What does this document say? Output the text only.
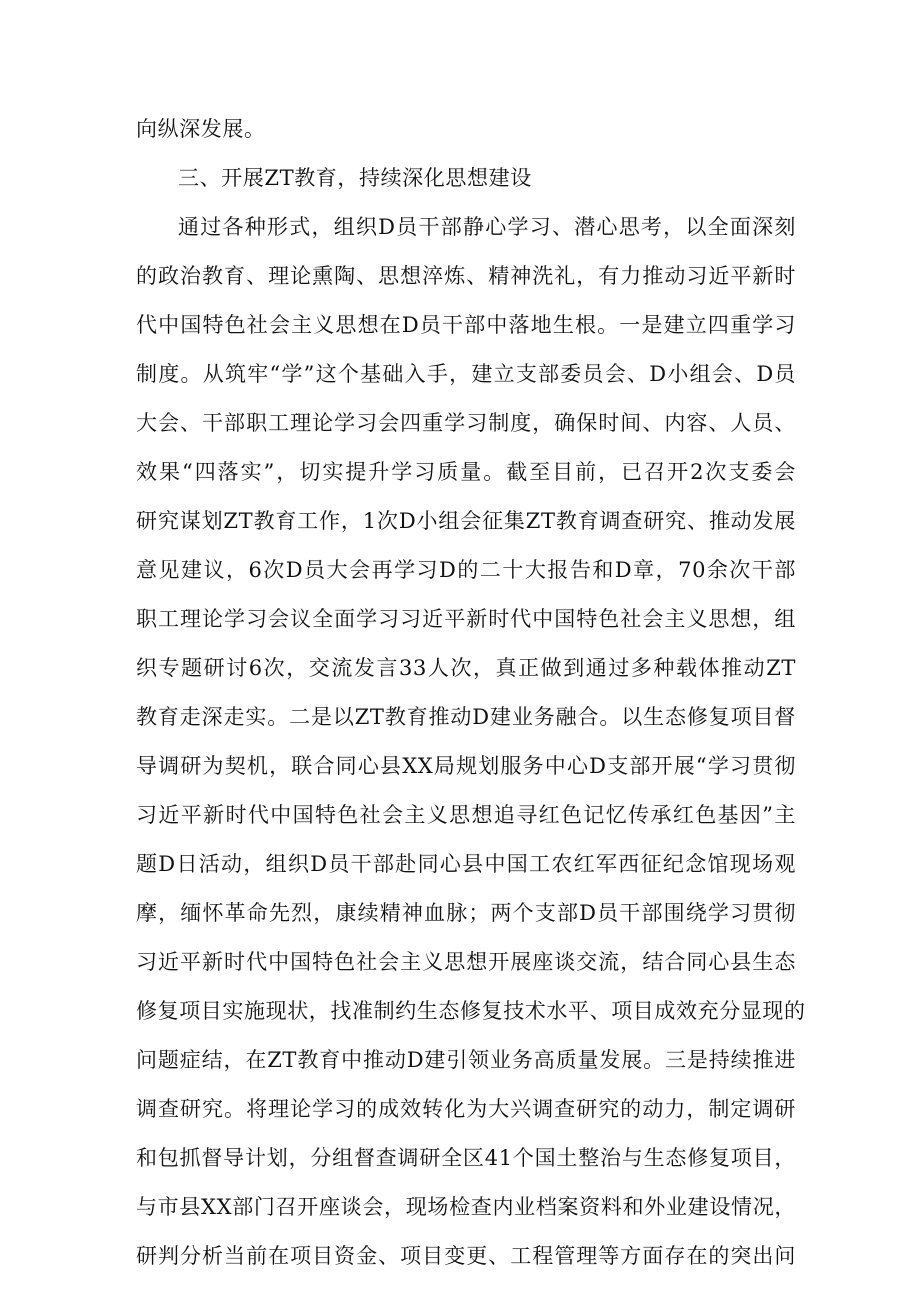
向纵深发展。
三、开展ZT教育，持续深化思想建设
通过各种形式，组织D员干部静心学习、潜心思考，以全面深刻
的政治教育、理论熏陶、思想淬炼、精神洗礼，有力推动习近平新时
代中国特色社会主义思想在D员干部中落地生根。一是建立四重学习
制度。从筑牢“学”这个基础入手，建立支部委员会、D小组会、D员
大会、干部职工理论学习会四重学习制度，确保时间、内容、人员、
效果“四落实”，切实提升学习质量。截至目前，已召开2次支委会
研究谋划ZT教育工作，1次D小组会征集ZT教育调查研究、推动发展
意见建议，6次D员大会再学习D的二十大报告和D章，70余次干部
职工理论学习会议全面学习习近平新时代中国特色社会主义思想，组
织专题研讨6次，交流发言33人次，真正做到通过多种载体推动ZT
教育走深走实。二是以ZT教育推动D建业务融合。以生态修复项目督
导调研为契机，联合同心县XX局规划服务中心D支部开展“学习贯彻
习近平新时代中国特色社会主义思想追寻红色记忆传承红色基因”主
题D日活动，组织D员干部赴同心县中国工农红军西征纪念馆现场观
摩，缅怀革命先烈，康续精神血脉；两个支部D员干部围绕学习贯彻
习近平新时代中国特色社会主义思想开展座谈交流，结合同心县生态
修复项目实施现状，找准制约生态修复技术水平、项目成效充分显现的
问题症结，在ZT教育中推动D建引领业务高质量发展。三是持续推进
调查研究。将理论学习的成效转化为大兴调查研究的动力，制定调研
和包抓督导计划，分组督查调研全区41个国土整治与生态修复项目，
与市县XX部门召开座谈会，现场检查内业档案资料和外业建设情况，
研判分析当前在项目资金、项目变更、工程管理等方面存在的突出问
